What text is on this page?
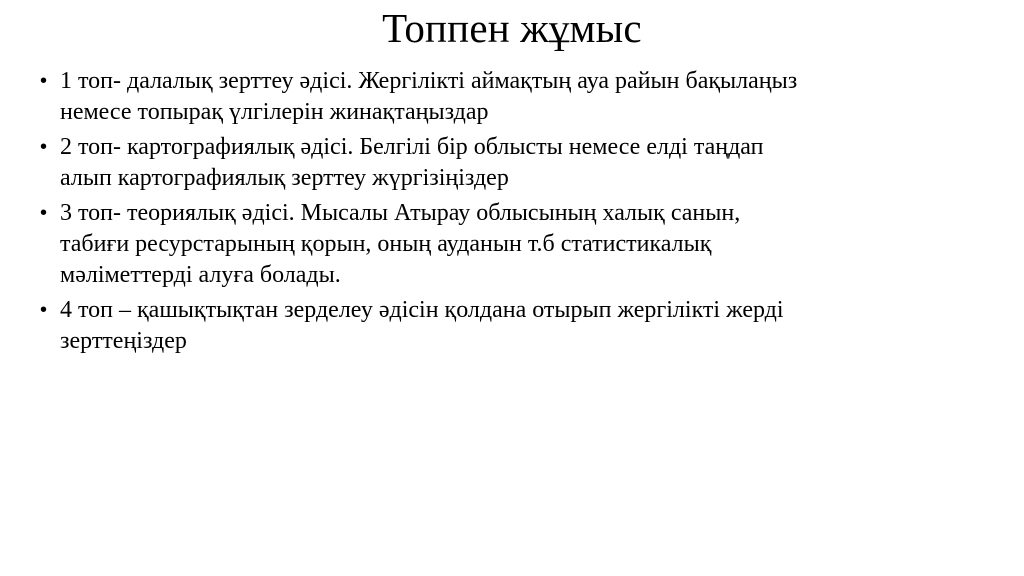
Топпен жұмыс
• 1 топ- далалық зерттеу әдісі. Жергілікті аймақтың ауа райын бақылаңыз
немесе топырақ үлгілерін жинақтаңыздар
• 2 топ- картографиялық әдісі. Белгілі бір облысты немесе елді таңдап
алып картографиялық зерттеу жүргізіңіздер
• 3 топ- теориялық әдісі. Мысалы Атырау облысының халық санын,
табиғи ресурстарының қорын, оның ауданын т.б статистикалық
мәліметтерді алуға болады.
• 4 топ – қашықтықтан зерделеу әдісін қолдана отырып жергілікті жерді
зерттеңіздер
